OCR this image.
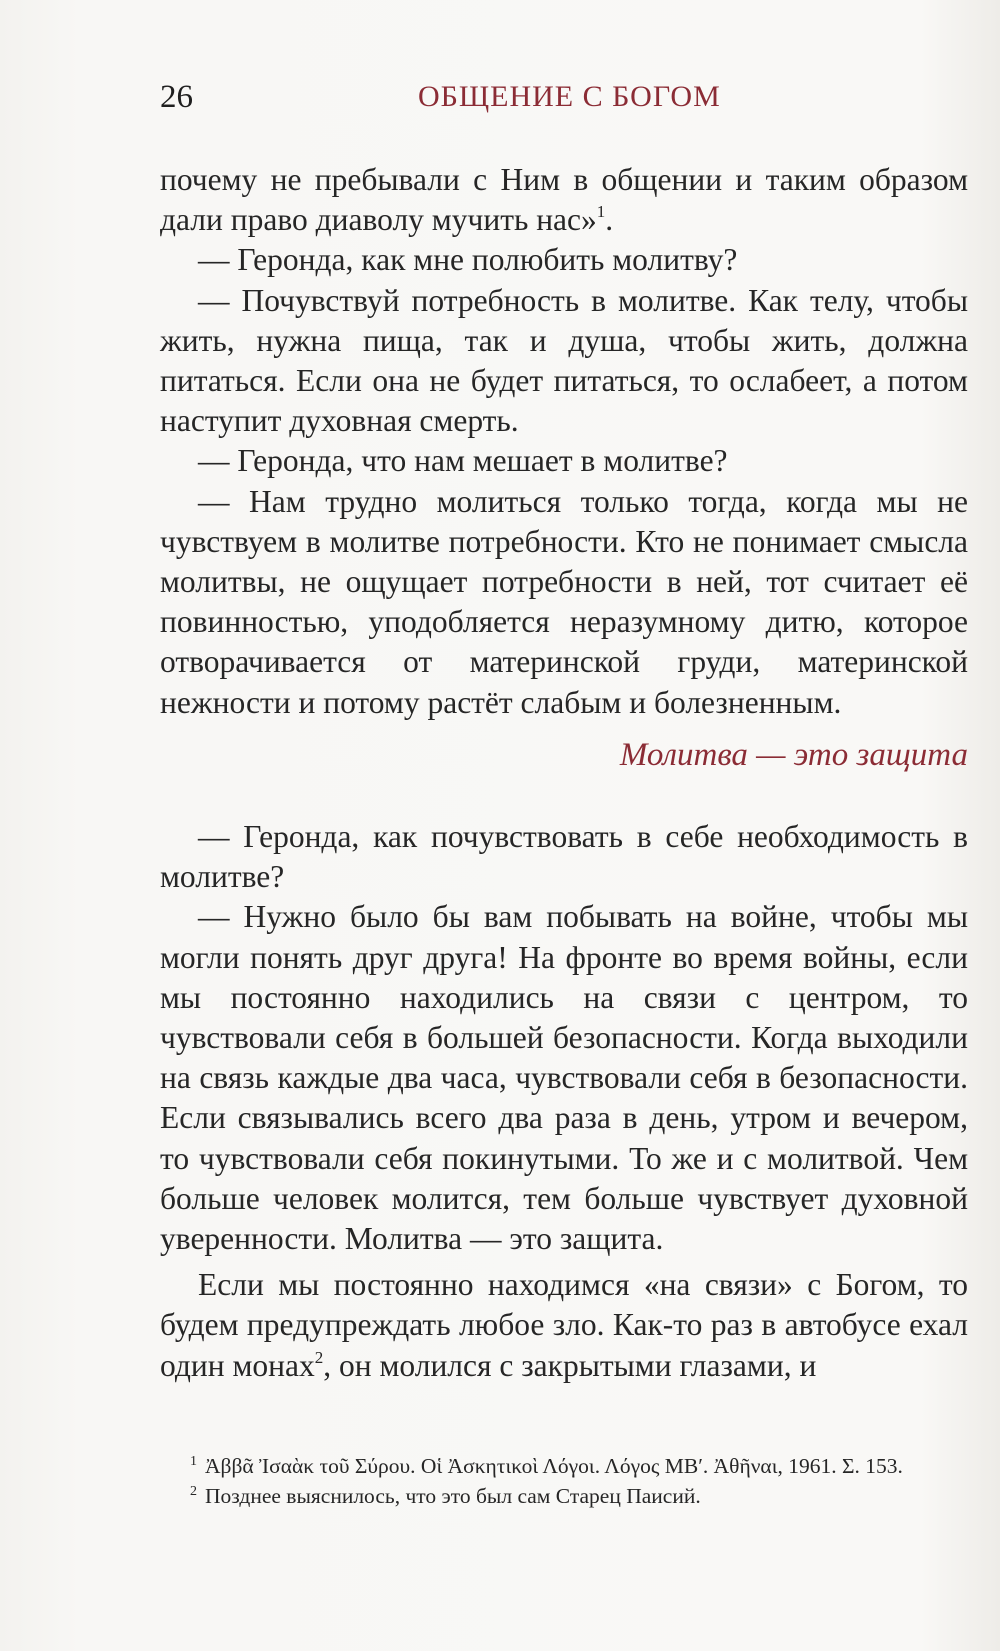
26	ОБЩЕНИЕ С БОГОМ

почему не пребывали с Ним в общении и таким образом дали право диаволу мучить нас»$^1$.

— Геронда, как мне полюбить молитву?

— Почувствуй потребность в молитве. Как телу, чтобы жить, нужна пища, так и душа, чтобы жить, должна питаться. Если она не будет питаться, то ослабеет, а потом наступит духовная смерть.

— Геронда, что нам мешает в молитве?

— Нам трудно молиться только тогда, когда мы не чувствуем в молитве потребности. Кто не понимает смысла молитвы, не ощущает потребности в ней, тот считает её повинностью, уподобляется неразумному дитю, которое отворачивается от материнской груди, материнской нежности и потому растёт слабым и болезненным.

Молитва — это защита

— Геронда, как почувствовать в себе необходимость в молитве?

— Нужно было бы вам побывать на войне, чтобы мы могли понять друг друга! На фронте во время войны, если мы постоянно находились на связи с центром, то чувствовали себя в большей безопасности. Когда выходили на связь каждые два часа, чувствовали себя в безопасности. Если связывались всего два раза в день, утром и вечером, то чувствовали себя покинутыми. То же и с молитвой. Чем больше человек молится, тем больше чувствует духовной уверенности. Молитва — это защита.

Если мы постоянно находимся «на связи» с Богом, то будем предупреждать любое зло. Как-то раз в автобусе ехал один монах$^2$, он молился с закрытыми глазами, и

1 Ἀββᾶ Ἰσαὰκ τοῦ Σύρου. Οἱ Ἀσκητικοὶ Λόγοι. Λόγος ΜΒʹ. Ἀθῆναι, 1961. Σ. 153.
2 Позднее выяснилось, что это был сам Старец Паисий.
